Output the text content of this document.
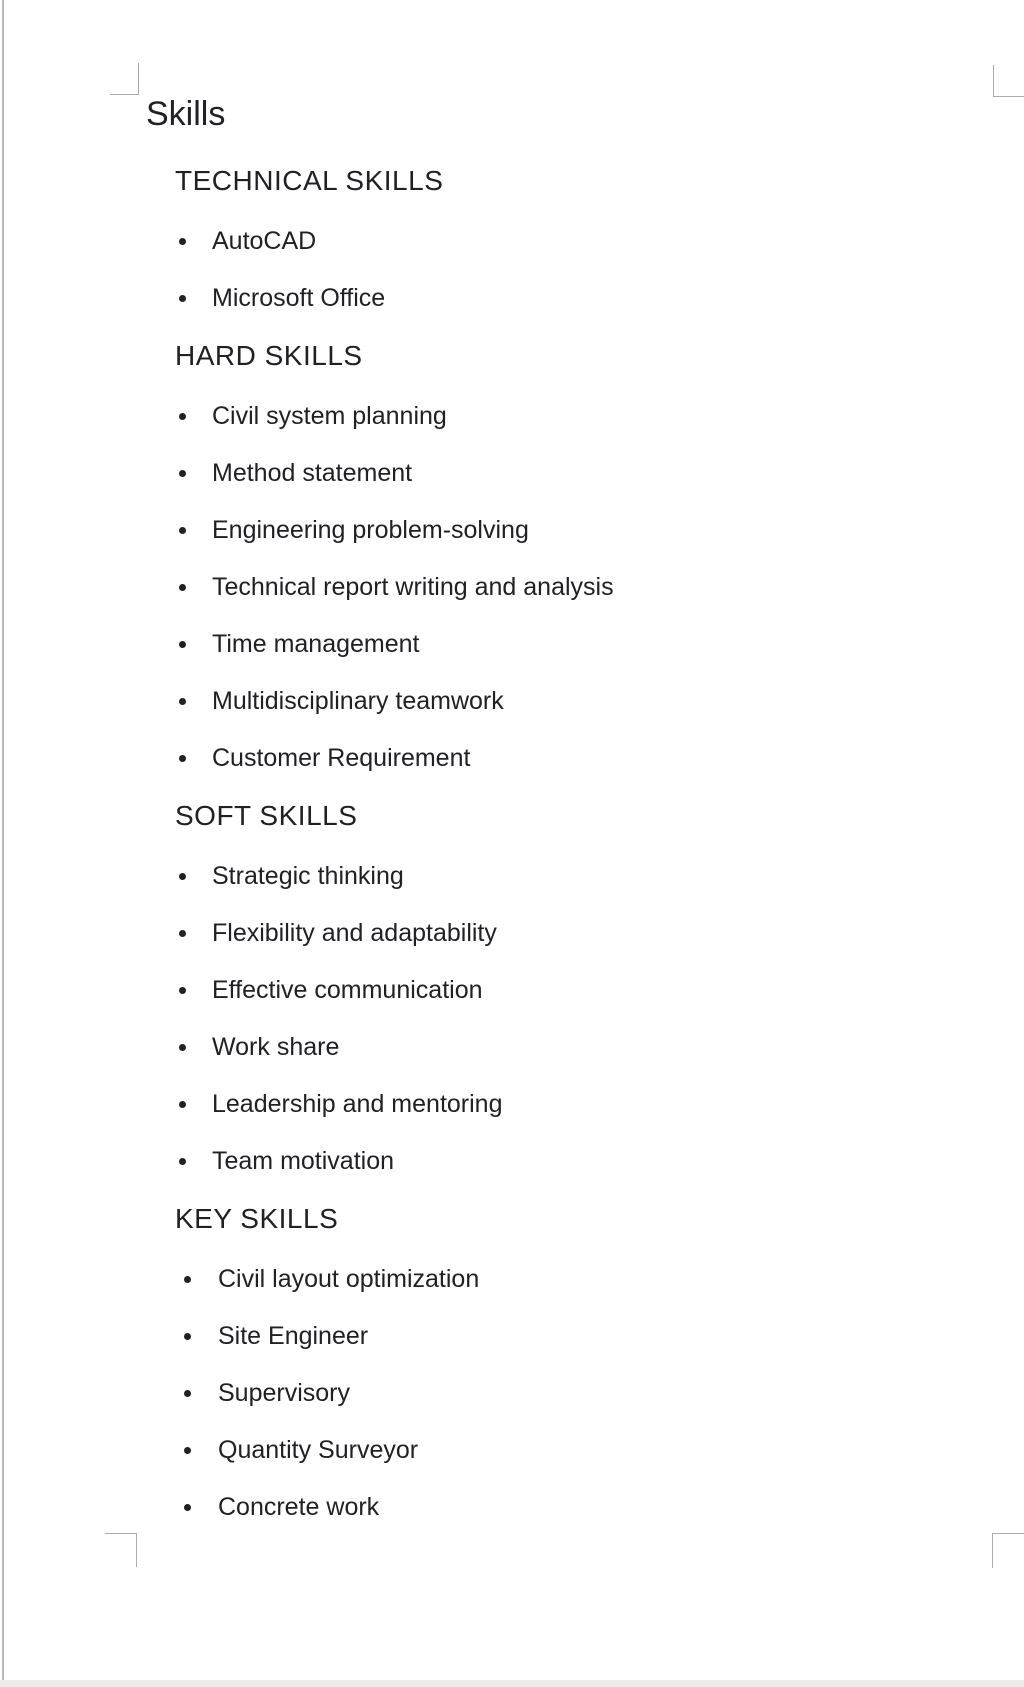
Skills
TECHNICAL SKILLS
AutoCAD
Microsoft Office
HARD SKILLS
Civil system planning
Method statement
Engineering problem-solving
Technical report writing and analysis
Time management
Multidisciplinary teamwork
Customer Requirement
SOFT SKILLS
Strategic thinking
Flexibility and adaptability
Effective communication
Work share
Leadership and mentoring
Team motivation
KEY SKILLS
Civil layout optimization
Site Engineer
Supervisory
Quantity Surveyor
Concrete work
